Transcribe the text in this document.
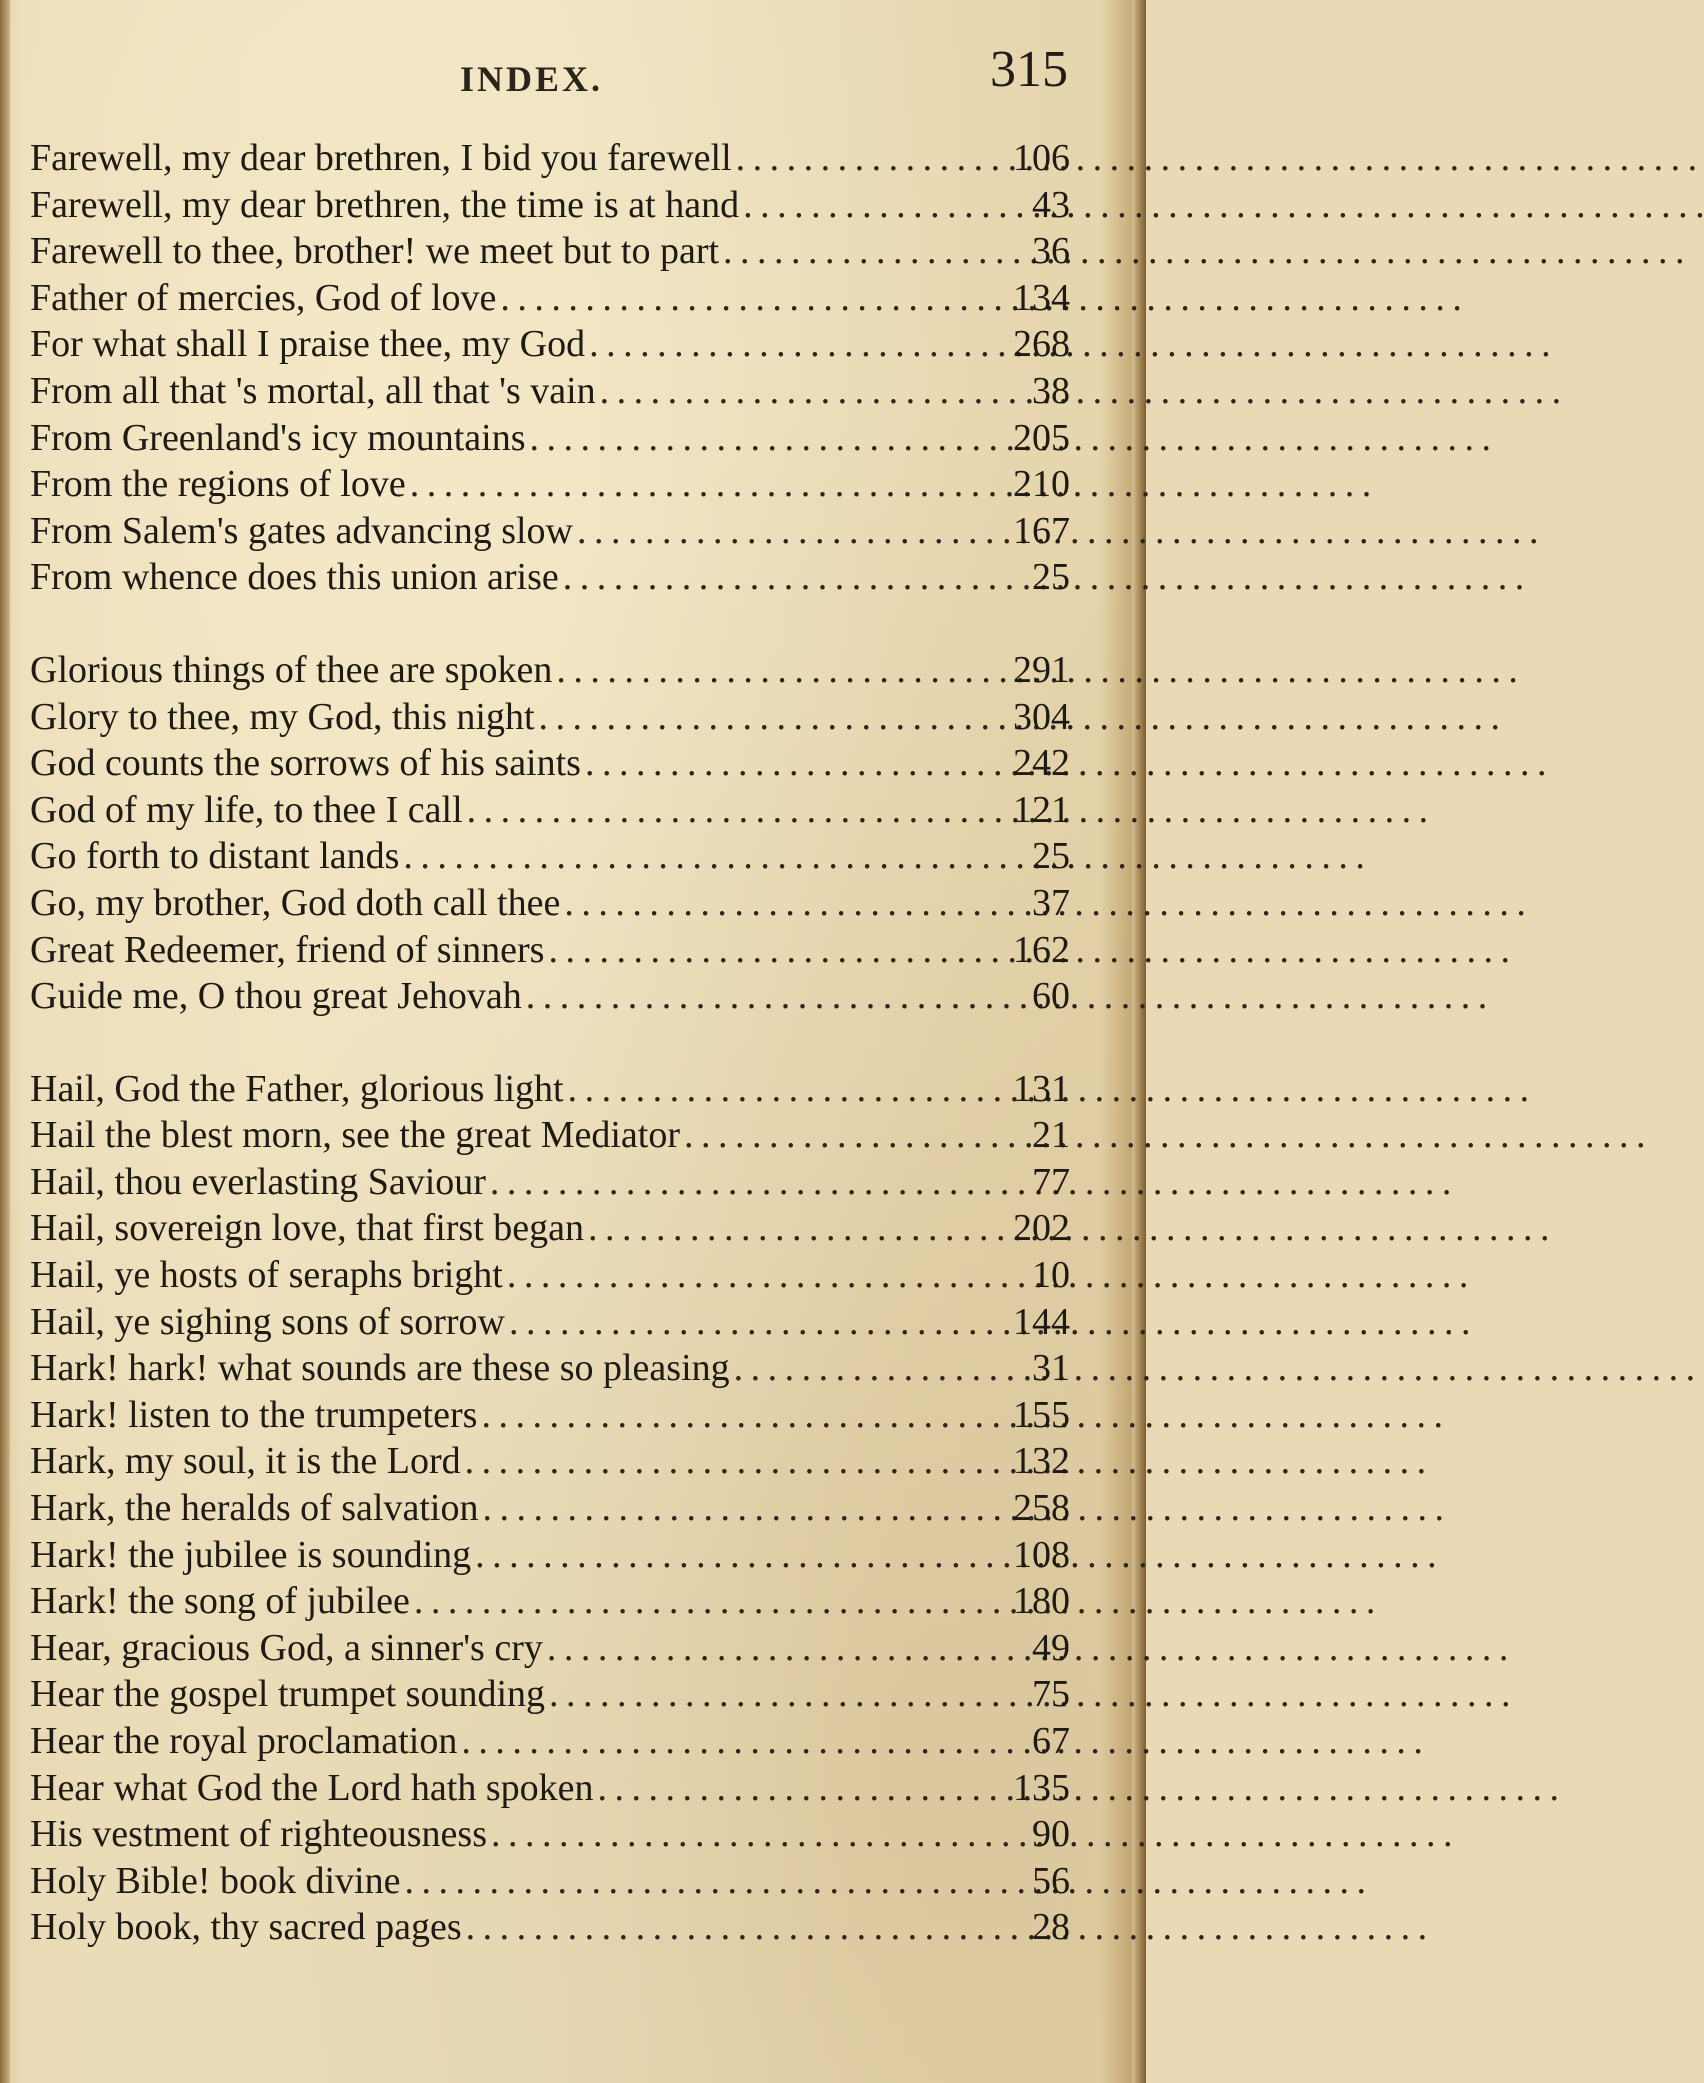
INDEX.	315
Farewell, my dear brethren, I bid you farewell . . .	106
Farewell, my dear brethren, the time is at hand . . .	43
Farewell to thee, brother! we meet but to part . . .	36
Father of mercies, God of love . . .	134
For what shall I praise thee, my God . . .	268
From all that 's mortal, all that 's vain . . .	38
From Greenland's icy mountains . . .	205
From the regions of love . . .	210
From Salem's gates advancing slow . . .	167
From whence does this union arise . . .	25
Glorious things of thee are spoken . . .	291
Glory to thee, my God, this night . . .	304
God counts the sorrows of his saints . . .	242
God of my life, to thee I call . . .	121
Go forth to distant lands . . .	25
Go, my brother, God doth call thee . . .	37
Great Redeemer, friend of sinners . . .	162
Guide me, O thou great Jehovah . . .	60
Hail, God the Father, glorious light . . .	131
Hail the blest morn, see the great Mediator . . .	21
Hail, thou everlasting Saviour . . .	77
Hail, sovereign love, that first began . . .	202
Hail, ye hosts of seraphs bright . . .	10
Hail, ye sighing sons of sorrow . . .	144
Hark! hark! what sounds are these so pleasing . . .	31
Hark! listen to the trumpeters . . .	155
Hark, my soul, it is the Lord . . .	132
Hark, the heralds of salvation . . .	258
Hark! the jubilee is sounding . . .	108
Hark! the song of jubilee . . .	180
Hear, gracious God, a sinner's cry . . .	49
Hear the gospel trumpet sounding . . .	75
Hear the royal proclamation . . .	67
Hear what God the Lord hath spoken . . .	135
His vestment of righteousness . . .	90
Holy Bible! book divine . . .	56
Holy book, thy sacred pages . . .	28
